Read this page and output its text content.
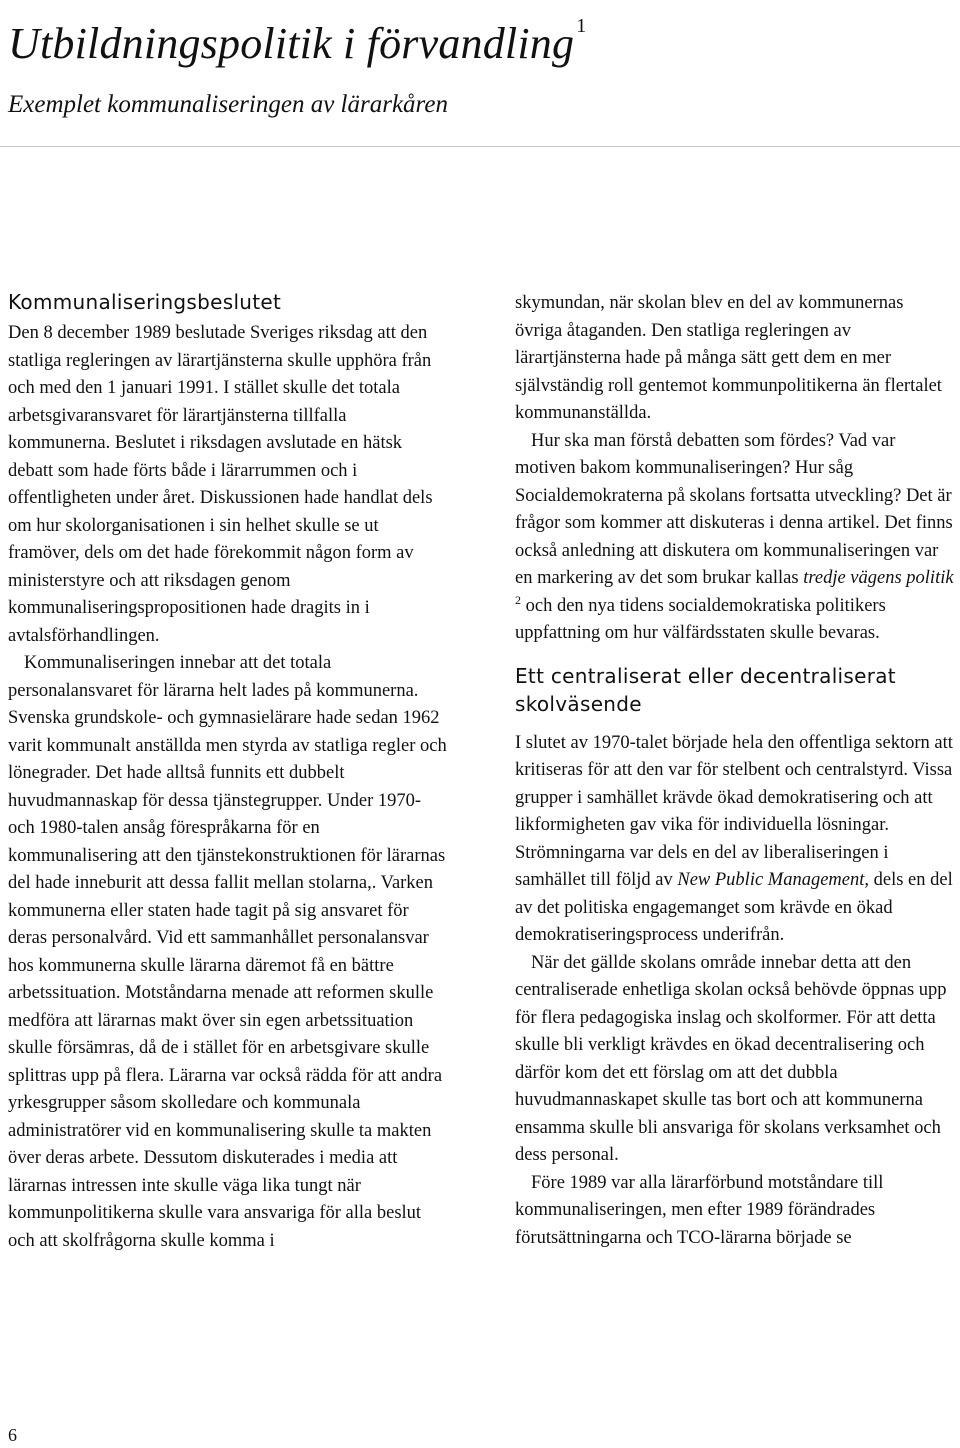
Utbildningspolitik i förvandling $^1$
Exemplet kommunaliseringen av lärarkåren
Kommunaliseringsbeslutet

Den 8 december 1989 beslutade Sveriges riksdag att den statliga regleringen av lärartjänsterna skulle upphöra från och med den 1 januari 1991. I stället skulle det totala arbetsgivaransvaret för lärartjänsterna tillfalla kommunerna. Beslutet i riksdagen avslutade en hätsk debatt som hade förts både i lärarrummen och i offentligheten under året. Diskussionen hade handlat dels om hur skolorganisationen i sin helhet skulle se ut framöver, dels om det hade förekommit någon form av ministerstyre och att riksdagen genom kommunaliseringspropositionen hade dragits in i avtalsförhandlingen.

Kommunaliseringen innebar att det totala personalansvaret för lärarna helt lades på kommunerna. Svenska grundskole- och gymnasielärare hade sedan 1962 varit kommunalt anställda men styrda av statliga regler och lönegrader. Det hade alltså funnits ett dubbelt huvudmannaskap för dessa tjänstegrupper. Under 1970- och 1980-talen ansåg förespråkarna för en kommunalisering att den tjänstekonstruktionen för lärarnas del hade inneburit att dessa fallit mellan stolarna,. Varken kommunerna eller staten hade tagit på sig ansvaret för deras personalvård. Vid ett sammanhållet personalansvar hos kommunerna skulle lärarna däremot få en bättre arbetssituation. Motståndarna menade att reformen skulle medföra att lärarnas makt över sin egen arbetssituation skulle försämras, då de i stället för en arbetsgivare skulle splittras upp på flera. Lärarna var också rädda för att andra yrkesgrupper såsom skolledare och kommunala administratörer vid en kommunalisering skulle ta makten över deras arbete. Dessutom diskuterades i media att lärarnas intressen inte skulle väga lika tungt när kommunpolitikerna skulle vara ansvariga för alla beslut och att skolfrågorna skulle komma i

skymundan, när skolan blev en del av kommunernas övriga åtaganden. Den statliga regleringen av lärartjänsterna hade på många sätt gett dem en mer självständig roll gentemot kommunpolitikerna än flertalet kommunanställda.

Hur ska man förstå debatten som fördes? Vad var motiven bakom kommunaliseringen? Hur såg Socialdemokraterna på skolans fortsatta utveckling? Det är frågor som kommer att diskuteras i denna artikel. Det finns också anledning att diskutera om kommunaliseringen var en markering av det som brukar kallas tredje vägens politik $^2$ och den nya tidens socialdemokratiska politikers uppfattning om hur välfärdsstaten skulle bevaras.

Ett centraliserat eller decentraliserat skolväsende

I slutet av 1970-talet började hela den offentliga sektorn att kritiseras för att den var för stelbent och centralstyrd. Vissa grupper i samhället krävde ökad demokratisering och att likformigheten gav vika för individuella lösningar. Strömningarna var dels en del av liberaliseringen i samhället till följd av New Public Management, dels en del av det politiska engagemanget som krävde en ökad demokratiseringsprocess underifrån.

När det gällde skolans område innebar detta att den centraliserade enhetliga skolan också behövde öppnas upp för flera pedagogiska inslag och skolformer. För att detta skulle bli verkligt krävdes en ökad decentralisering och därför kom det ett förslag om att det dubbla huvudmannaskapet skulle tas bort och att kommunerna ensamma skulle bli ansvariga för skolans verksamhet och dess personal.

Före 1989 var alla lärarförbund motståndare till kommunaliseringen, men efter 1989 förändrades förutsättningarna och TCO-lärarna började se

6
